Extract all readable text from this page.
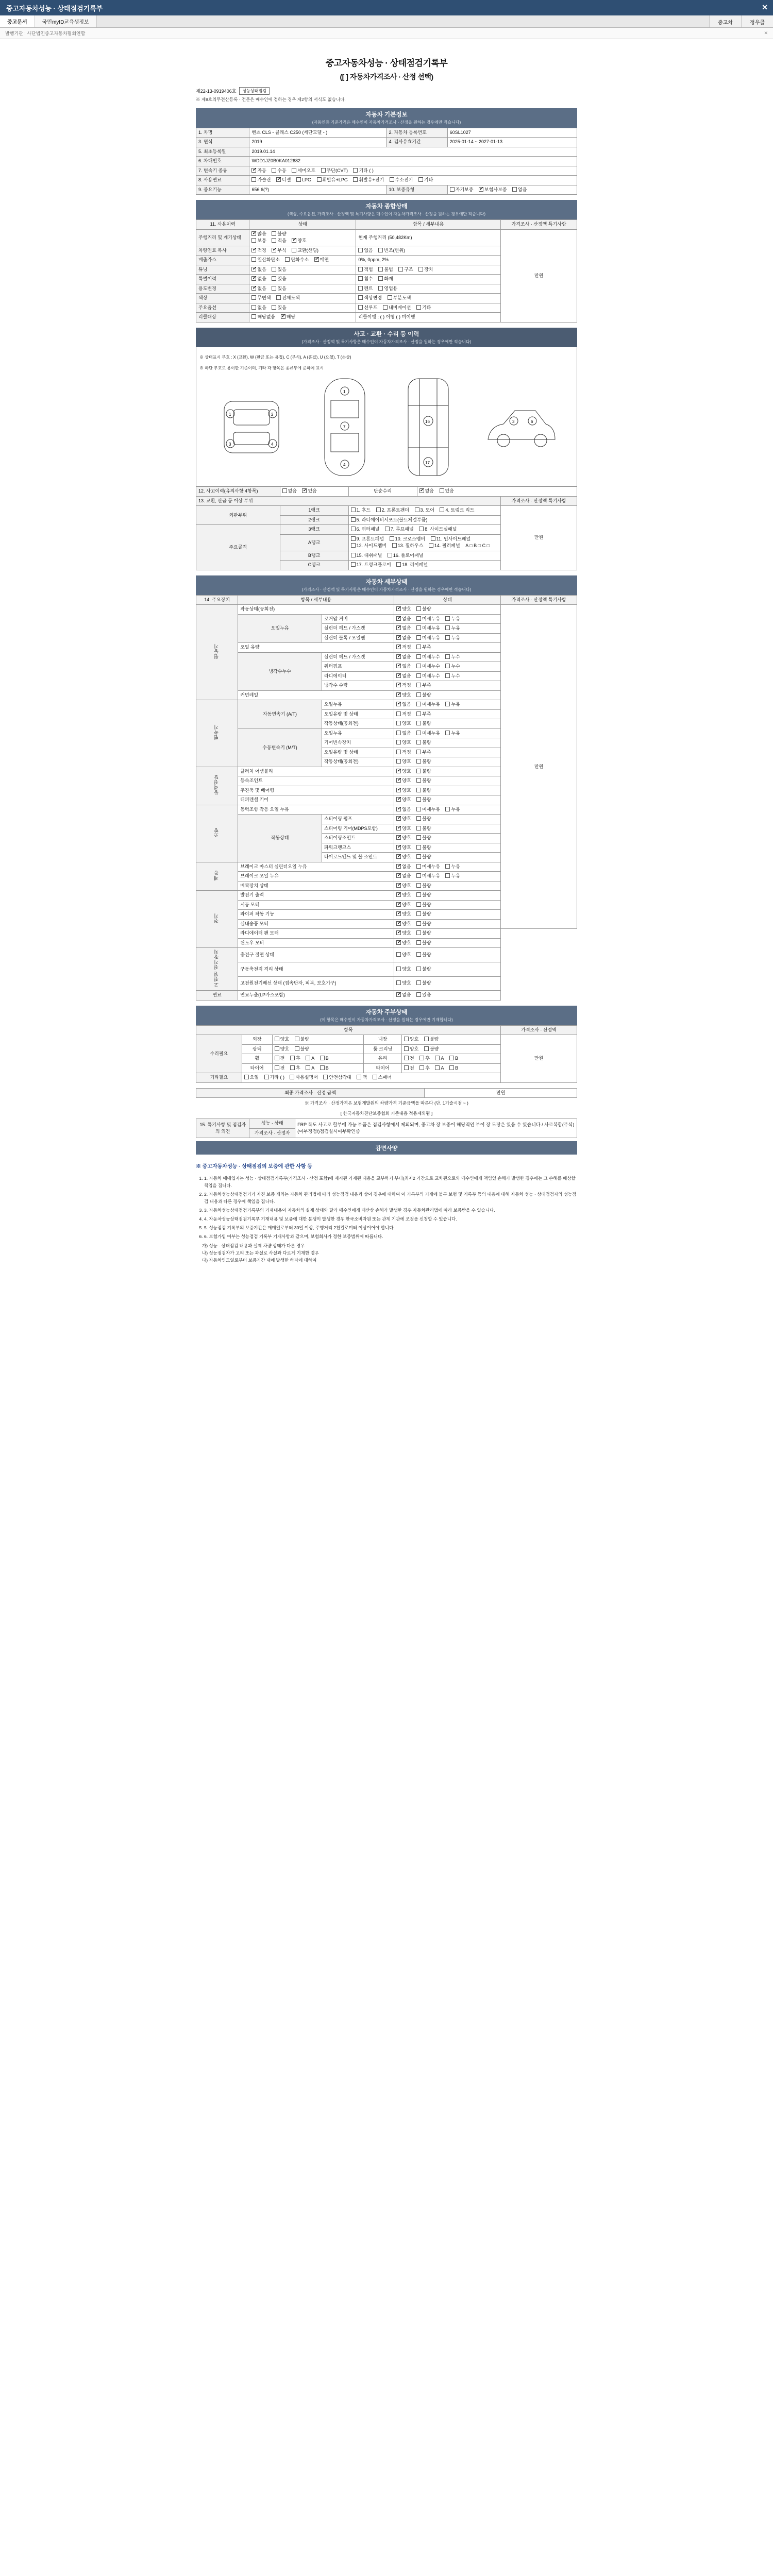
중고자동차성능 · 상태점검기록부	✕
중고문서	국민myID교육생정보	중고차	정우콜
발행기관 : 사단법인중고자동차협회연합	✕
중고자동차성능 · 상태점검기록부
([ ] 자동차가격조사 · 산정 선택)
제22-13-0919406호	성능상태점검
※ 제8호의무전산등록 · 전문은 매수인에 정하는 경우 제2항의 서식도 없습니다.
자동차 기본정보
(자동인증 기준가격은 매수인이 자동차가격조사 · 산정을 원하는 경우에만 적습니다)
1. 차명	벤츠 CLS - 클래스 C250 (세단모델 - )	2. 자동차 등록번호	60SL1027
3. 연식	2019	4. 검사유효기간	2025-01-14 ~ 2027-01-13
5. 최초등록일	2019.01.14		
6. 차대번호	WDD1JZ0B0KA012682		
7. 변속기 종류	✔자동 수동 세미오토 무단(CVT) 기타 ( )
8. 사용연료	가솔린 ✔ 디젤 LPG 휘발유+LPG 휘발유+전기 수소전기 기타
9. 중요기능	656 6(?)	10. 보증유형	자기보증 ✔ 보험사보증 없음
자동차 종합상태
(색상, 주요옵션, 가격조사 · 산정액 및 특기사항은 매수인이 자동차가격조사 · 산정을 원하는 경우에만 적습니다)
11. 사용이력	상태	항목 / 세부내용	가격조사 · 산정액 특기사항
주행거리 및 계기상태	✔많음 불량
보통 적음 ✔ 양호	현재 주행거리 (50,482Km)	만원
차량연료 복사	✔적정 ✔ 부식 교환(샌딩)	없음 변조(변위)	
배출가스	일산화탄소 탄화수소 ✔ 매연	0%, 0ppm, 2%	
튜닝	✔없음 있음	적법 불법 구조 장치	
특별이력	✔없음 있음	침수 화재	
용도변경	✔없음 있음	렌트 영업용	
색상	무변색 전체도색	색상변경 부분도색	
주요옵션	없음 있음	선루프 내비게이션 기타	
리콜대상	해당없음 ✔ 해당	리콜이행 : ( ) 이행 ( ) 미이행	
사고 · 교환 · 수리 등 이력
(가격조사 · 산정액 및 특기사항은 매수인이 자동차가격조사 · 산정을 원하는 경우에만 적습니다)
※ 상태표시 부호 : X (교환), W (판금 또는 용접), C (부식), A (흠집), U (요철), T (손상)
※ 하단 부호로 용이한 기준이며, 기타 각 항목은 종류부에 준하여 표시
1	2
3	4
1
7
4
16
17
3	6
12. 사고이력(유의사항 4항목)	없음 ✔ 있음	단순수리	✔없음 있음
13. 교환, 판금 등 이상 부위				가격조사 · 산정액 특기사항
외판부위	1랭크	1. 후드 2. 프론트팬더 3. 도어 4. 트렁크 리드		만원
	2랭크	5. 라디에이터서포트(볼트체결부품)		
주요골격	3랭크	6. 쿼터패널 7. 루프패널 8. 사이드실패널		
	A랭크	9. 프론트패널 10. 크로스멤버 11. 인사이드패널
12. 사이드멤버 13. 휠하우스 14. 필러패널 A □ B □ C □		
	B랭크	15. 대쉬패널 16. 플로어패널		
	C랭크	17. 트렁크플로어 18. 리어패널		
자동차 세부상태
(가격조사 · 산정액 및 특기사항은 매수인이 자동차가격조사 · 산정을 원하는 경우에만 적습니다)
14. 주요장치	항목 / 세부내용		상태	가격조사 · 산정액 특기사항
원동기	작동상태(공회전)	✔양호 불량	만원
	오일누유	로커암 커버	✔없음 미세누유 누유
		실린더 헤드 / 가스켓	✔없음 미세누유 누유
		실린더 블록 / 오일팬	✔없음 미세누유 누유
	오일 유량	✔적정 부족
	냉각수누수	실린더 헤드 / 가스켓	✔없음 미세누수 누수
		워터펌프	✔없음 미세누수 누수
		라디에이터	✔없음 미세누수 누수
		냉각수 수량	✔적정 부족
	커먼레일	✔양호 불량
변속기	자동변속기 (A/T)	오일누유	✔없음 미세누유 누유
		오일유량 및 상태	적정 부족	
		작동상태(공회전)	양호 불량	
	수동변속기 (M/T)	오일누유	없음 미세누유 누유	
		기어변속장치	양호 불량	
		오일유량 및 상태	적정 부족	
		작동상태(공회전)	양호 불량	
동력전달	클러치 어셈블리	✔양호 불량
	등속조인트	✔양호 불량
	추진축 및 베어링	✔양호 불량
	디퍼렌셜 기어	✔양호 불량
조향	동력조향 작동 오일 누유	✔없음 미세누유 누유
	작동상태	스티어링 펌프	✔양호 불량
		스티어링 기어(MDPS포함)	✔양호 불량
		스티어링조인트	✔양호 불량
		파워크랭크스	✔양호 불량
		타이로드엔드 및 볼 조인트	✔양호 불량
제동	브레이크 마스터 실린더오일 누유	✔없음 미세누유 누유
	브레이크 오일 누유	✔없음 미세누유 누유
	베짝장치 상태	✔양호 불량
전기	발전기 출력	✔양호 불량
	시동 모터	✔양호 불량
	와이퍼 작동 기능	✔양호 불량
	실내송풍 모터	✔양호 불량
	라디에이터 팬 모터	✔양호 불량
	윈도우 모터	✔양호 불량
고전원 전기장치	충전구 절연 상태		양호 불량	
	구동축전지 격리 상태		양호 불량	
	고전원전기배선 상태 (접속단자, 피복, 보호기구)		양호 불량	
연료	연료누출(LP가스포함)	✔없음 있음
자동차 주부상태
(이 항목은 매수인이 자동차가격조사 · 산정을 원하는 경우에만 기재합니다)
항목					가격조사 · 산정액
수리필요	외장	양호 불량	내장	양호 불량	만원
	광택	양호 불량	룸 크리닝	양호 불량	
	휠	전 후 A B	유리	전 후 A B	
	타이어	전 후 A B	타이어	전 후 A B	
기타필요	오일 기타 ( ) 사용설명서 안전삼각대 잭 스패너				
최종 가격조사 · 산정 금액	만원
※ 가격조사 · 산정가격은 보험개발원의 차량가격 기준금액을 따른다 (단, 1기술시점 ~ )
[ 한국자동차진단보증협회 기준내용 적용제외됨 ]
15. 특기사항 및 점검자의 의견	성능 · 상태	FRP 복도 사고로 할부에 가능 부품은 점검사항에서 제외되며, 중고차 장 보증이 해당적인 부어 장 도장은 있음 수 있습니다 / 사로복합(주식)(여부정점/)점검실시여부확인중
가격조사 · 산정자
감면사양
※ 중고자동차성능 · 상태점검의 보증에 관한 사항 등
1. 1. 자동차 매매업자는 성능 · 상태점검기록부(가격조사 · 산정 포함)에 제시된 기재된 내용을 교부하기 부터(최저2 기간으로 교차된으로와 매수인에게 책임있 손해가 발생한 경우에는 그 손해를 배상할 책임을 집니다.
2. 2. 자동차성능상태점검기가 자진 보증 제외는 자동차 관리법에 따라 성능점검 내용과 상이 경우에 대하여 이 기록부의 기재에 불구 보험 및 기록부 등의 내용에 대해 자동차 성능 · 상태점검자의 성능점검 내용과 다른 경우에 책임을 집니다.
3. 3. 자동차성능상태점검기록부의 기재내용이 자동차의 실제 상태와 달라 매수인에게 재산상 손해가 발생한 경우 자동차관리법에 따라 보증받을 수 있습니다.
4. 4. 자동차성능상태점검기록부 기재내용 및 보증에 대한 분쟁이 발생한 경우 한국소비자원 또는 관계 기관에 조정을 신청할 수 있습니다.
5. 5. 성능점검 기록부의 보증기간은 매매일로부터 30일 이상, 주행거리 2천킬로미터 이상이어야 합니다.
6. 6. 보험가입 여부는 성능점검 기록부 기재사항과 같으며, 보험회사가 정한 보증범위에 따릅니다.
가) 성능 · 상태점검 내용과 실제 차량 상태가 다른 경우
나) 성능점검자가 고의 또는 과실로 사실과 다르게 기재한 경우
다) 자동차인도일로부터 보증기간 내에 발생한 하자에 대하여
